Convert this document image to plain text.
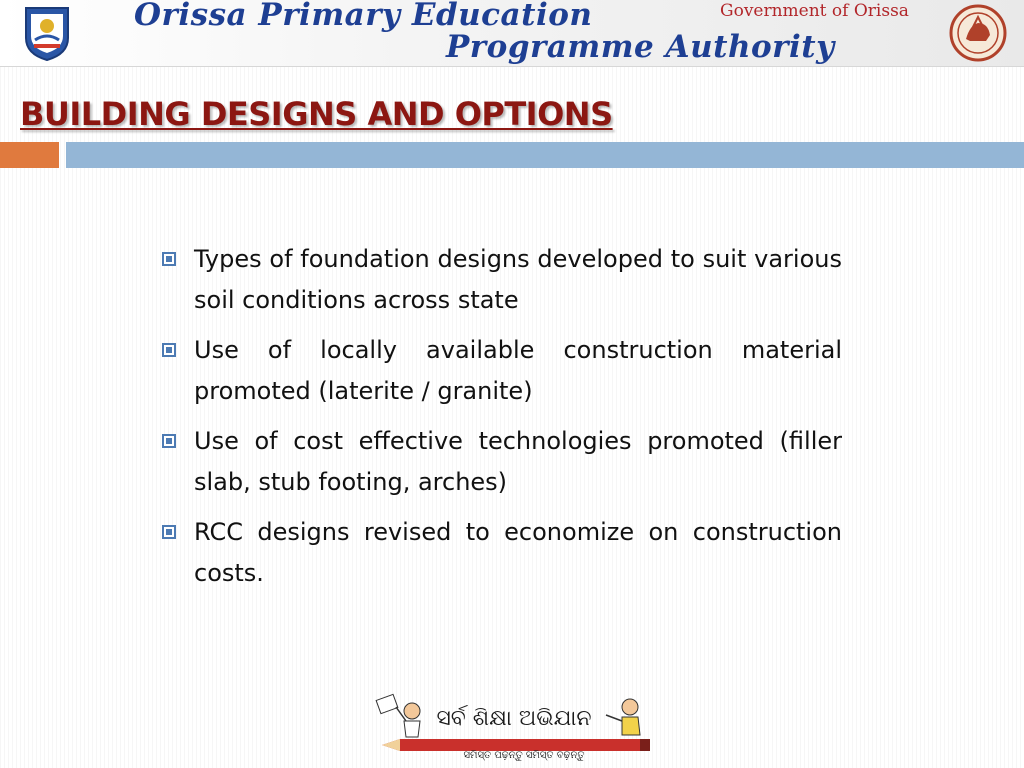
Orissa Primary Education
Programme Authority
Government of Orissa
BUILDING DESIGNS AND OPTIONS
Types of foundation designs developed to suit various soil conditions across state
Use of locally available construction material promoted (laterite / granite)
Use of cost effective technologies promoted (filler slab, stub footing, arches)
RCC designs revised to economize on construction costs.
ସର୍ବ ଶିକ୍ଷା ଅଭିଯାନ
ସମିସ୍ତ ପଢ଼ନ୍ତୁ ସମିସ୍ତ ବଢ଼ନ୍ତୁ
